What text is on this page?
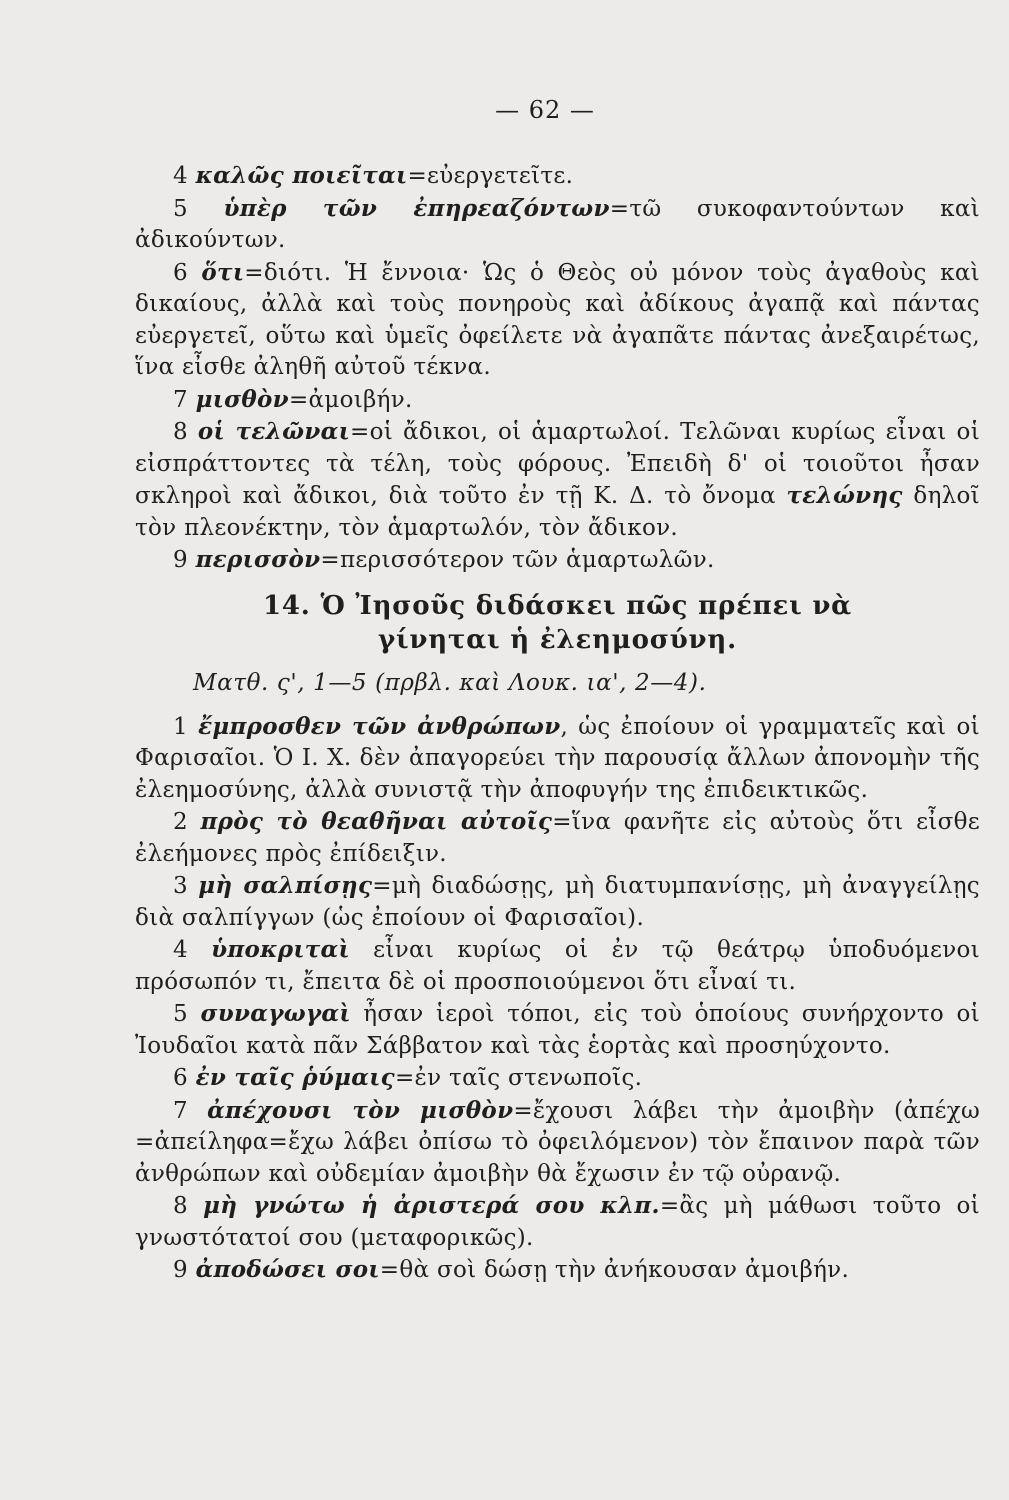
— 62 —

4 καλῶς ποιεῖται=εὐεργετεῖτε.

5 ὑπὲρ τῶν ἐπηρεαζόντων=τῶ συκοφαντούντων καὶ ἀδικούντων.

6 ὅτι=διότι. Ἡ ἔννοια· Ὡς ὁ Θεὸς οὐ μόνον τοὺς ἀγαθοὺς καὶ δικαίους, ἀλλὰ καὶ τοὺς πονηροὺς καὶ ἀδίκους ἀγαπᾷ καὶ πάντας εὐεργετεῖ, οὕτω καὶ ὑμεῖς ὀφείλετε νὰ ἀγαπᾶτε πάντας ἀνεξαιρέτως, ἵνα εἶσθε ἀληθῆ αὐτοῦ τέκνα.

7 μισθὸν=ἀμοιβήν.

8 οἱ τελῶναι=οἱ ἄδικοι, οἱ ἁμαρτωλοί. Τελῶναι κυρίως εἶναι οἱ εἰσπράττοντες τὰ τέλη, τοὺς φόρους. Ἐπειδὴ δ' οἱ τοιοῦτοι ἦσαν σκληροὶ καὶ ἄδικοι, διὰ τοῦτο ἐν τῇ Κ. Δ. τὸ ὄνομα τελώνης δηλοῖ τὸν πλεονέκτην, τὸν ἁμαρτωλόν, τὸν ἄδικον.

9 περισσὸν=περισσότερον τῶν ἁμαρτωλῶν.

14. Ὁ Ἰησοῦς διδάσκει πῶς πρέπει νὰ
γίνηται ἡ ἐλεημοσύνη.
Ματθ. ς', 1—5 (πρβλ. καὶ Λουκ. ια', 2—4).

1 ἔμπροσθεν τῶν ἀνθρώπων, ὡς ἐποίουν οἱ γραμματεῖς καὶ οἱ Φαρισαῖοι. Ὁ Ι. Χ. δὲν ἀπαγορεύει τὴν παρουσίᾳ ἄλλων ἀπονομὴν τῆς ἐλεημοσύνης, ἀλλὰ συνιστᾷ τὴν ἀποφυγήν της ἐπιδεικτικῶς.

2 πρὸς τὸ θεαθῆναι αὐτοῖς=ἵνα φανῆτε εἰς αὐτοὺς ὅτι εἶσθε ἐλεήμονες πρὸς ἐπίδειξιν.

3 μὴ σαλπίσῃς=μὴ διαδώσῃς, μὴ διατυμπανίσῃς, μὴ ἀναγγείλῃς διὰ σαλπίγγων (ὡς ἐποίουν οἱ Φαρισαῖοι).

4 ὑποκριταὶ εἶναι κυρίως οἱ ἐν τῷ θεάτρῳ ὑποδυόμενοι πρόσωπόν τι, ἔπειτα δὲ οἱ προσποιούμενοι ὅτι εἶναί τι.

5 συναγωγαὶ ἦσαν ἱεροὶ τόποι, εἰς τοὺ ὁποίους συνήρχοντο οἱ Ἰουδαῖοι κατὰ πᾶν Σάββατον καὶ τὰς ἑορτὰς καὶ προσηύχοντο.

6 ἐν ταῖς ῥύμαις=ἐν ταῖς στενωποῖς.

7 ἀπέχουσι τὸν μισθὸν=ἔχουσι λάβει τὴν ἀμοιβὴν (ἀπέχω =ἀπείληφα=ἔχω λάβει ὀπίσω τὸ ὀφειλόμενον) τὸν ἔπαινον παρὰ τῶν ἀνθρώπων καὶ οὐδεμίαν ἀμοιβὴν θὰ ἔχωσιν ἐν τῷ οὐρανῷ.

8 μὴ γνώτω ἡ ἀριστερά σου κλπ.=ἂς μὴ μάθωσι τοῦτο οἱ γνωστότατοί σου (μεταφορικῶς).

9 ἀποδώσει σοι=θὰ σοὶ δώσῃ τὴν ἀνήκουσαν ἀμοιβήν.
